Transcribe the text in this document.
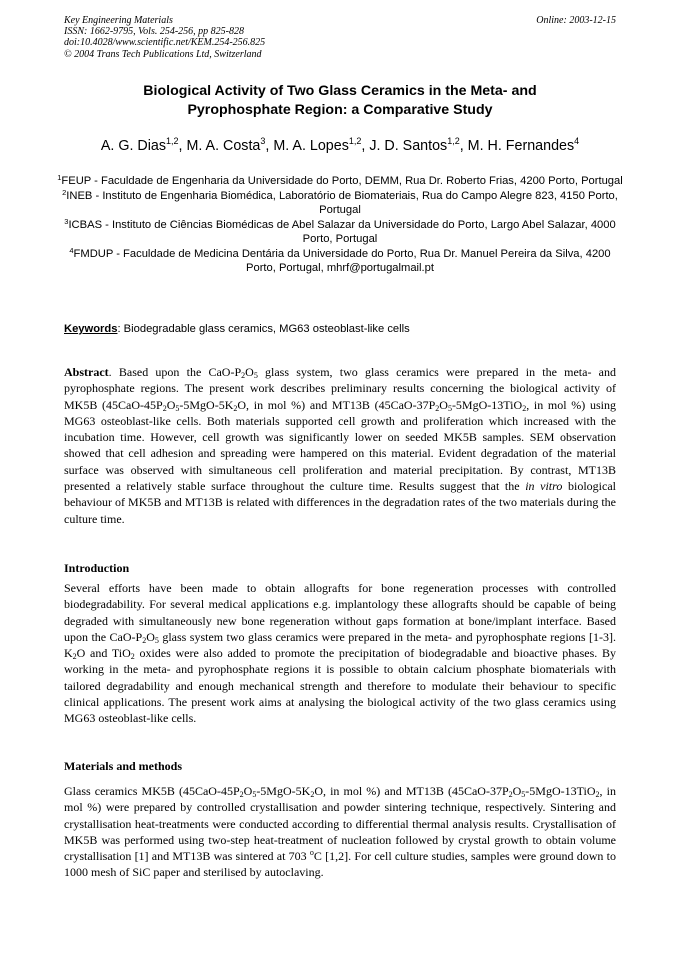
Key Engineering Materials
ISSN: 1662-9795, Vols. 254-256, pp 825-828
doi:10.4028/www.scientific.net/KEM.254-256.825
© 2004 Trans Tech Publications Ltd, Switzerland
Online: 2003-12-15
Biological Activity of Two Glass Ceramics in the Meta- and
Pyrophosphate Region: a Comparative Study
A. G. Dias$^{1,2}$, M. A. Costa$^3$, M. A. Lopes$^{1,2}$, J. D. Santos$^{1,2}$, M. H. Fernandes$^4$
$^1$FEUP - Faculdade de Engenharia da Universidade do Porto, DEMM, Rua Dr. Roberto Frias, 4200 Porto, Portugal
$^2$INEB - Instituto de Engenharia Biomédica, Laboratório de Biomateriais, Rua do Campo Alegre 823, 4150 Porto, Portugal
$^3$ICBAS - Instituto de Ciências Biomédicas de Abel Salazar da Universidade do Porto, Largo Abel Salazar, 4000 Porto, Portugal
$^4$FMDUP - Faculdade de Medicina Dentária da Universidade do Porto, Rua Dr. Manuel Pereira da Silva, 4200 Porto, Portugal, mhrf@portugalmail.pt
Keywords: Biodegradable glass ceramics, MG63 osteoblast-like cells
Abstract. Based upon the CaO-$P_2O_5$ glass system, two glass ceramics were prepared in the meta- and pyrophosphate regions. The present work describes preliminary results concerning the biological activity of MK5B ($45CaO-45P_2O_5-5MgO-5K_2O$, in mol %) and MT13B ($45CaO-37P_2O_5-5MgO-13TiO_2$, in mol %) using MG63 osteoblast-like cells. Both materials supported cell growth and proliferation which increased with the incubation time. However, cell growth was significantly lower on seeded MK5B samples. SEM observation showed that cell adhesion and spreading were hampered on this material. Evident degradation of the material surface was observed with simultaneous cell proliferation and material precipitation. By contrast, MT13B presented a relatively stable surface throughout the culture time. Results suggest that the in vitro biological behaviour of MK5B and MT13B is related with differences in the degradation rates of the two materials during the culture time.
Introduction
Several efforts have been made to obtain allografts for bone regeneration processes with controlled biodegradability. For several medical applications e.g. implantology these allografts should be capable of being degraded with simultaneously new bone regeneration without gaps formation at bone/implant interface. Based upon the CaO-$P_2O_5$ glass system two glass ceramics were prepared in the meta- and pyrophosphate regions [1-3]. $K_2O$ and TiO$_2$ oxides were also added to promote the precipitation of biodegradable and bioactive phases. By working in the meta- and pyrophosphate regions it is possible to obtain calcium phosphate biomaterials with tailored degradability and enough mechanical strength and therefore to modulate their behaviour to specific clinical applications. The present work aims at analysing the biological activity of the two glass ceramics using MG63 osteoblast-like cells.
Materials and methods
Glass ceramics MK5B ($45CaO-45P_2O_5-5MgO-5K_2O$, in mol %) and MT13B ($45CaO-37P_2O_5-5MgO-13TiO_2$, in mol %) were prepared by controlled crystallisation and powder sintering technique, respectively. Sintering and crystallisation heat-treatments were conducted according to differential thermal analysis results. Crystallisation of MK5B was performed using two-step heat-treatment of nucleation followed by crystal growth to obtain volume crystallisation [1] and MT13B was sintered at 703 $^o$C [1,2]. For cell culture studies, samples were ground down to 1000 mesh of SiC paper and sterilised by autoclaving.
